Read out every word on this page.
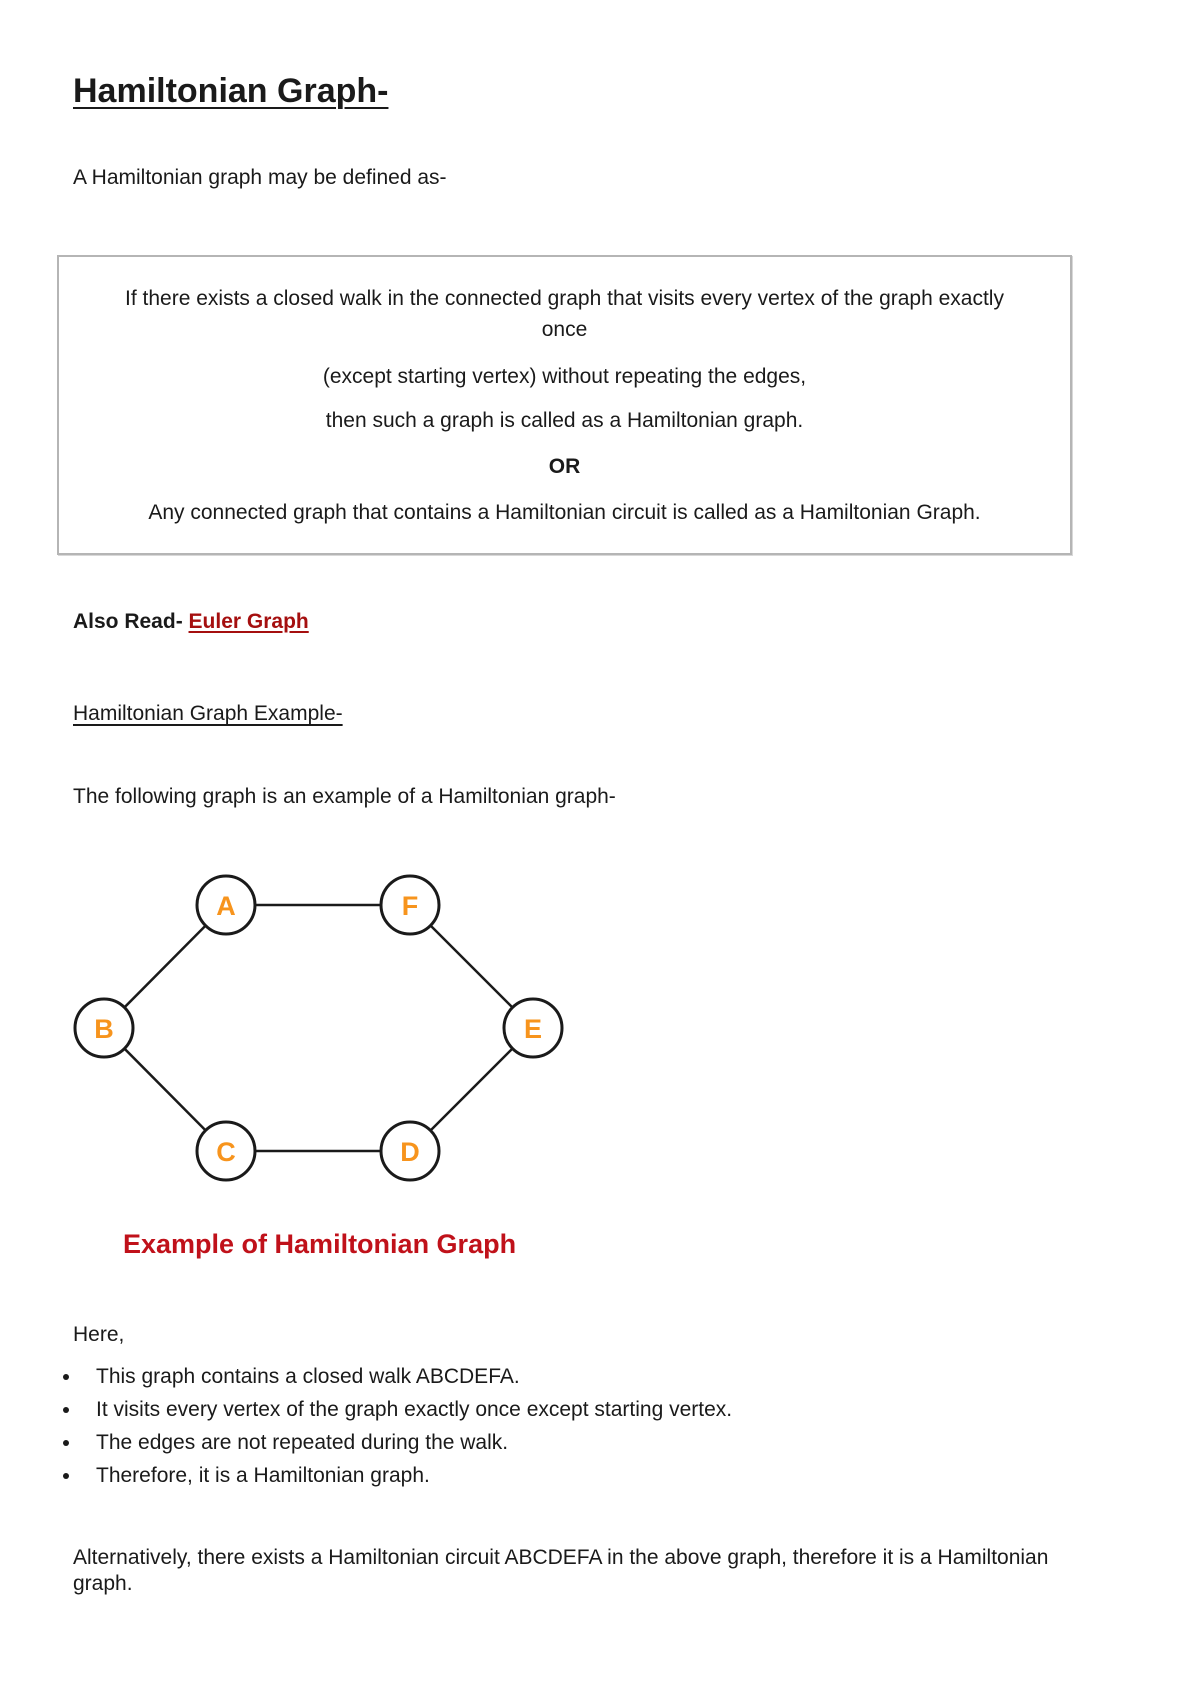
Hamiltonian Graph-
A Hamiltonian graph may be defined as-
If there exists a closed walk in the connected graph that visits every vertex of the graph exactly
once
(except starting vertex) without repeating the edges,
then such a graph is called as a Hamiltonian graph.
OR
Any connected graph that contains a Hamiltonian circuit is called as a Hamiltonian Graph.
Also Read- Euler Graph
Hamiltonian Graph Example-
The following graph is an example of a Hamiltonian graph-
A	F
B	E
C	D
Example of Hamiltonian Graph
Here,
This graph contains a closed walk ABCDEFA.
It visits every vertex of the graph exactly once except starting vertex.
The edges are not repeated during the walk.
Therefore, it is a Hamiltonian graph.
Alternatively, there exists a Hamiltonian circuit ABCDEFA in the above graph, therefore it is a Hamiltonian graph.
